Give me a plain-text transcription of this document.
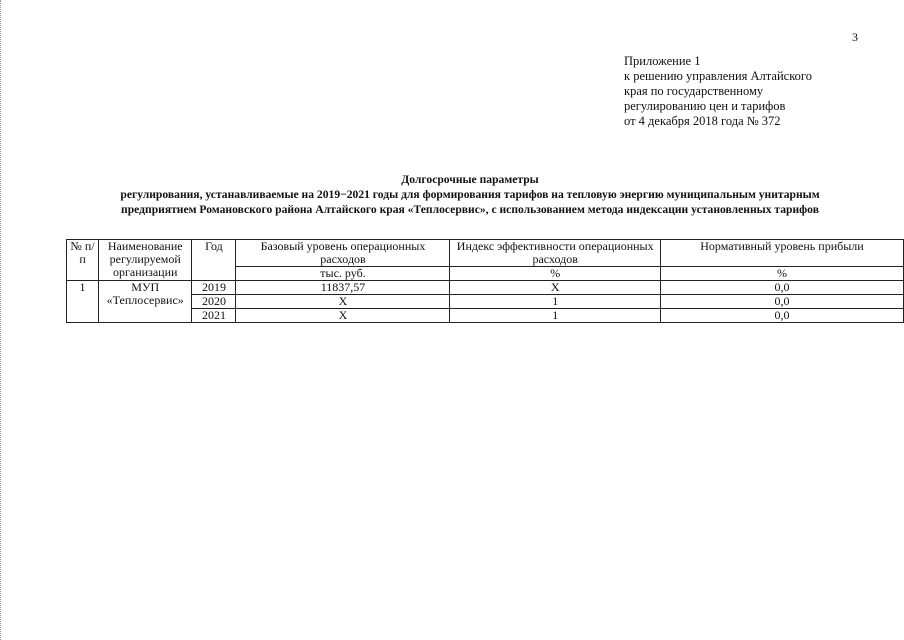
3
Приложение 1
к решению управления Алтайского
края по государственному
регулированию цен и тарифов
от 4 декабря 2018 года № 372
Долгосрочные параметры
регулирования, устанавливаемые на 2019−2021 годы для формирования тарифов на тепловую энергию муниципальным унитарным
предприятием Романовского района Алтайского края «Теплосервис», с использованием метода индексации установленных тарифов
№ п/п	Наименование регулируемой организации	Год	Базовый уровень операционных расходов	Индекс эффективности операционных расходов	Нормативный уровень прибыли
			тыс. руб.	%	%
1	МУП «Теплосервис»	2019	11837,57	X	0,0
		2020	X	1	0,0
		2021	X	1	0,0
